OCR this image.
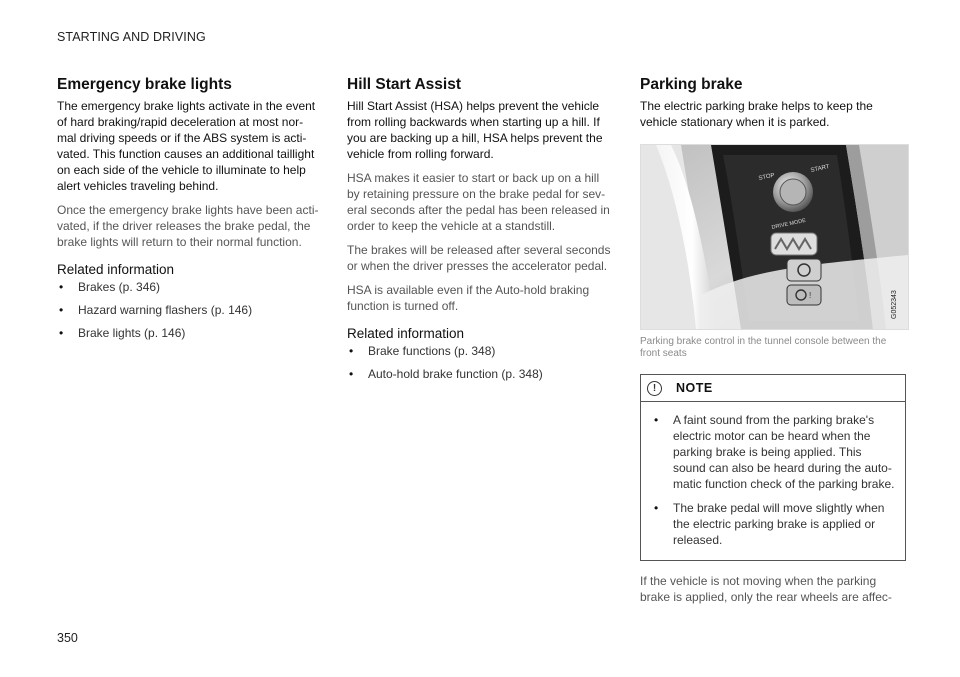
STARTING AND DRIVING
Emergency brake lights

The emergency brake lights activate in the event of hard braking/rapid deceleration at most nor-mal driving speeds or if the ABS system is acti-vated. This function causes an additional taillight on each side of the vehicle to illuminate to help alert vehicles traveling behind.

Once the emergency brake lights have been acti-vated, if the driver releases the brake pedal, the brake lights will return to their normal function.

Related information
• Brakes (p. 346)
• Hazard warning flashers (p. 146)
• Brake lights (p. 146)
Hill Start Assist

Hill Start Assist (HSA) helps prevent the vehicle from rolling backwards when starting up a hill. If you are backing up a hill, HSA helps prevent the vehicle from rolling forward.

HSA makes it easier to start or back up on a hill by retaining pressure on the brake pedal for sev-eral seconds after the pedal has been released in order to keep the vehicle at a standstill.

The brakes will be released after several seconds or when the driver presses the accelerator pedal.

HSA is available even if the Auto-hold braking function is turned off.

Related information
• Brake functions (p. 348)
• Auto-hold brake function (p. 348)
Parking brake

The electric parking brake helps to keep the vehicle stationary when it is parked.

STOP
START
DRIVE MODE
!	G052343

Parking brake control in the tunnel console between the front seats

!	NOTE
• A faint sound from the parking brake's electric motor can be heard when the parking brake is being applied. This sound can also be heard during the auto-matic function check of the parking brake.
• The brake pedal will move slightly when the electric parking brake is applied or released.

If the vehicle is not moving when the parking brake is applied, only the rear wheels are affec-

350
